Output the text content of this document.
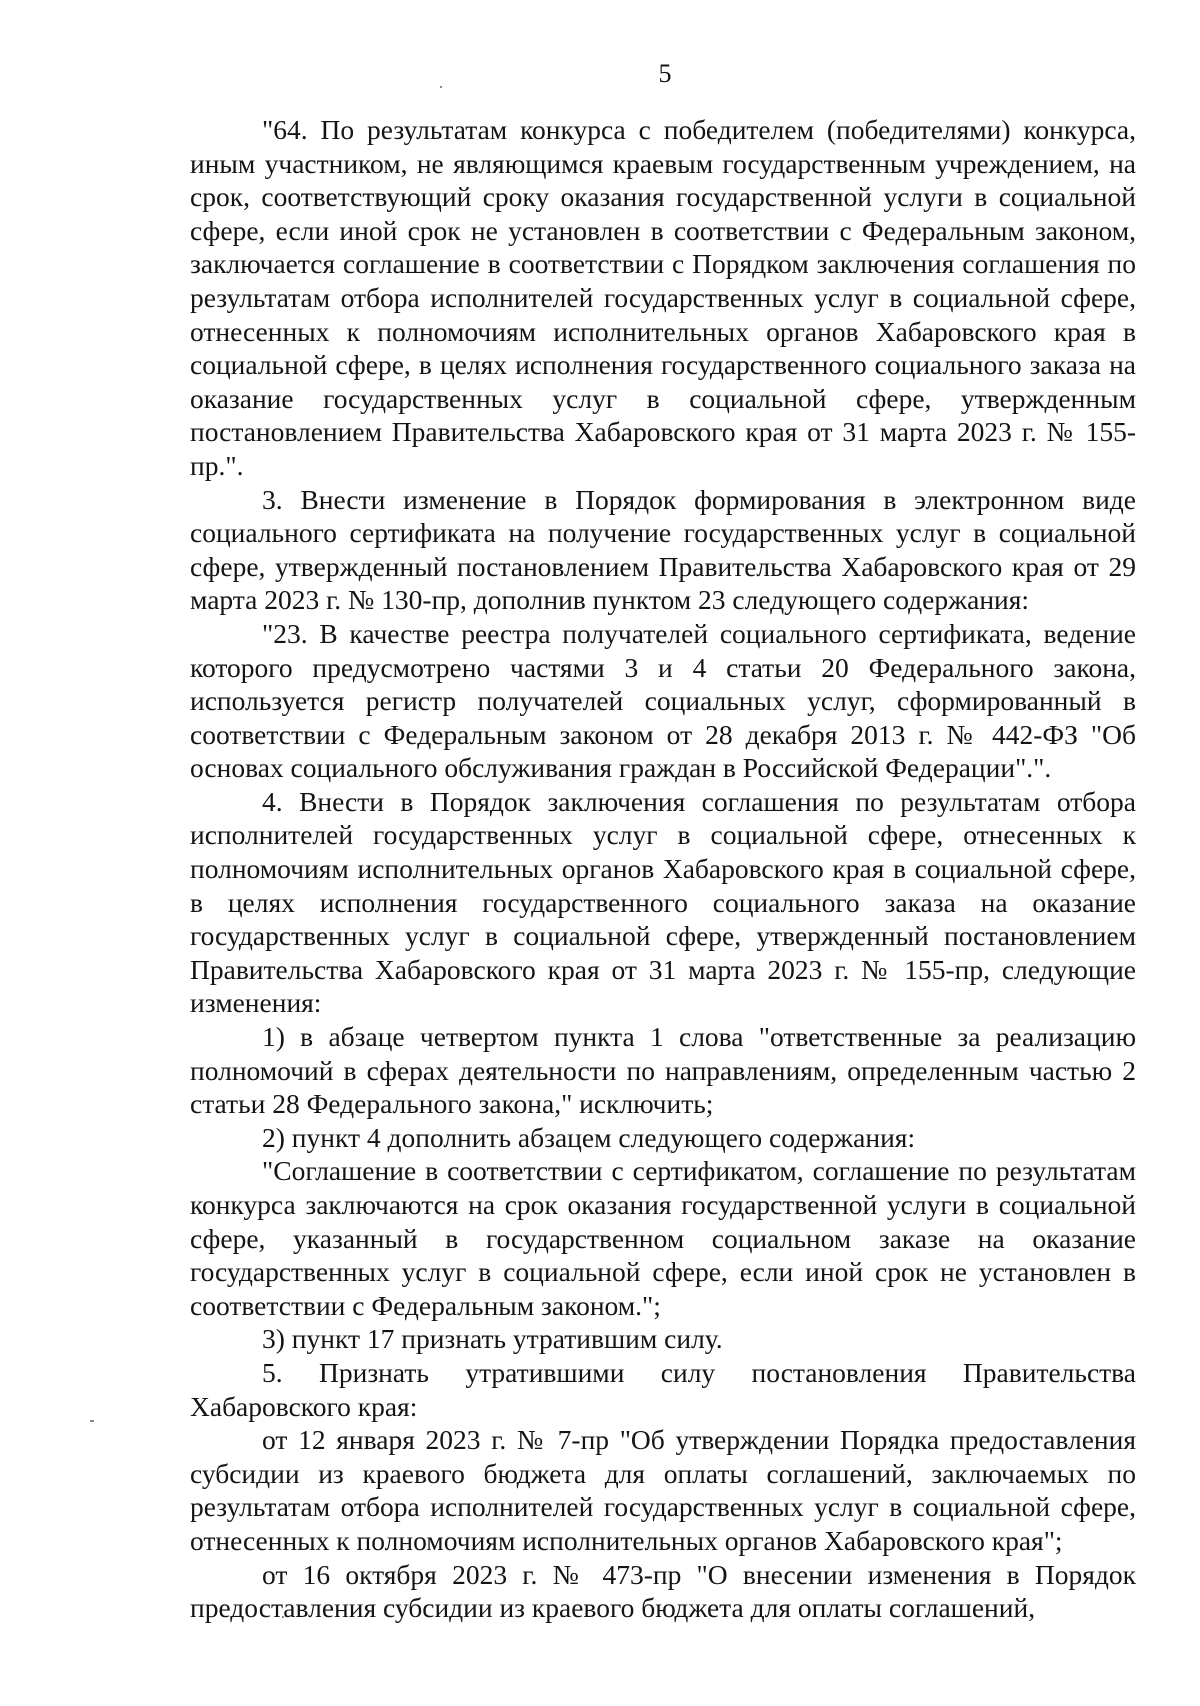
5

"64. По результатам конкурса с победителем (победителями) конкурса, иным участником, не являющимся краевым государственным учреждением, на срок, соответствующий сроку оказания государственной услуги в социальной сфере, если иной срок не установлен в соответствии с Федеральным законом, заключается соглашение в соответствии с Порядком заключения соглашения по результатам отбора исполнителей государственных услуг в социальной сфере, отнесенных к полномочиям исполнительных органов Хабаровского края в социальной сфере, в целях исполнения государственного социального заказа на оказание государственных услуг в социальной сфере, утвержденным постановлением Правительства Хабаровского края от 31 марта 2023 г. № 155-пр.".

3. Внести изменение в Порядок формирования в электронном виде социального сертификата на получение государственных услуг в социальной сфере, утвержденный постановлением Правительства Хабаровского края от 29 марта 2023 г. № 130-пр, дополнив пунктом 23 следующего содержания:

"23. В качестве реестра получателей социального сертификата, ведение которого предусмотрено частями 3 и 4 статьи 20 Федерального закона, используется регистр получателей социальных услуг, сформированный в соответствии с Федеральным законом от 28 декабря 2013 г. № 442-ФЗ "Об основах социального обслуживания граждан в Российской Федерации".".

4. Внести в Порядок заключения соглашения по результатам отбора исполнителей государственных услуг в социальной сфере, отнесенных к полномочиям исполнительных органов Хабаровского края в социальной сфере, в целях исполнения государственного социального заказа на оказание государственных услуг в социальной сфере, утвержденный постановлением Правительства Хабаровского края от 31 марта 2023 г. № 155-пр, следующие изменения:

1) в абзаце четвертом пункта 1 слова "ответственные за реализацию полномочий в сферах деятельности по направлениям, определенным частью 2 статьи 28 Федерального закона," исключить;

2) пункт 4 дополнить абзацем следующего содержания:

"Соглашение в соответствии с сертификатом, соглашение по результатам конкурса заключаются на срок оказания государственной услуги в социальной сфере, указанный в государственном социальном заказе на оказание государственных услуг в социальной сфере, если иной срок не установлен в соответствии с Федеральным законом.";

3) пункт 17 признать утратившим силу.

5. Признать утратившими силу постановления Правительства Хабаровского края:

от 12 января 2023 г. № 7-пр "Об утверждении Порядка предоставления субсидии из краевого бюджета для оплаты соглашений, заключаемых по результатам отбора исполнителей государственных услуг в социальной сфере, отнесенных к полномочиям исполнительных органов Хабаровского края";

от 16 октября 2023 г. № 473-пр "О внесении изменения в Порядок предоставления субсидии из краевого бюджета для оплаты соглашений,
